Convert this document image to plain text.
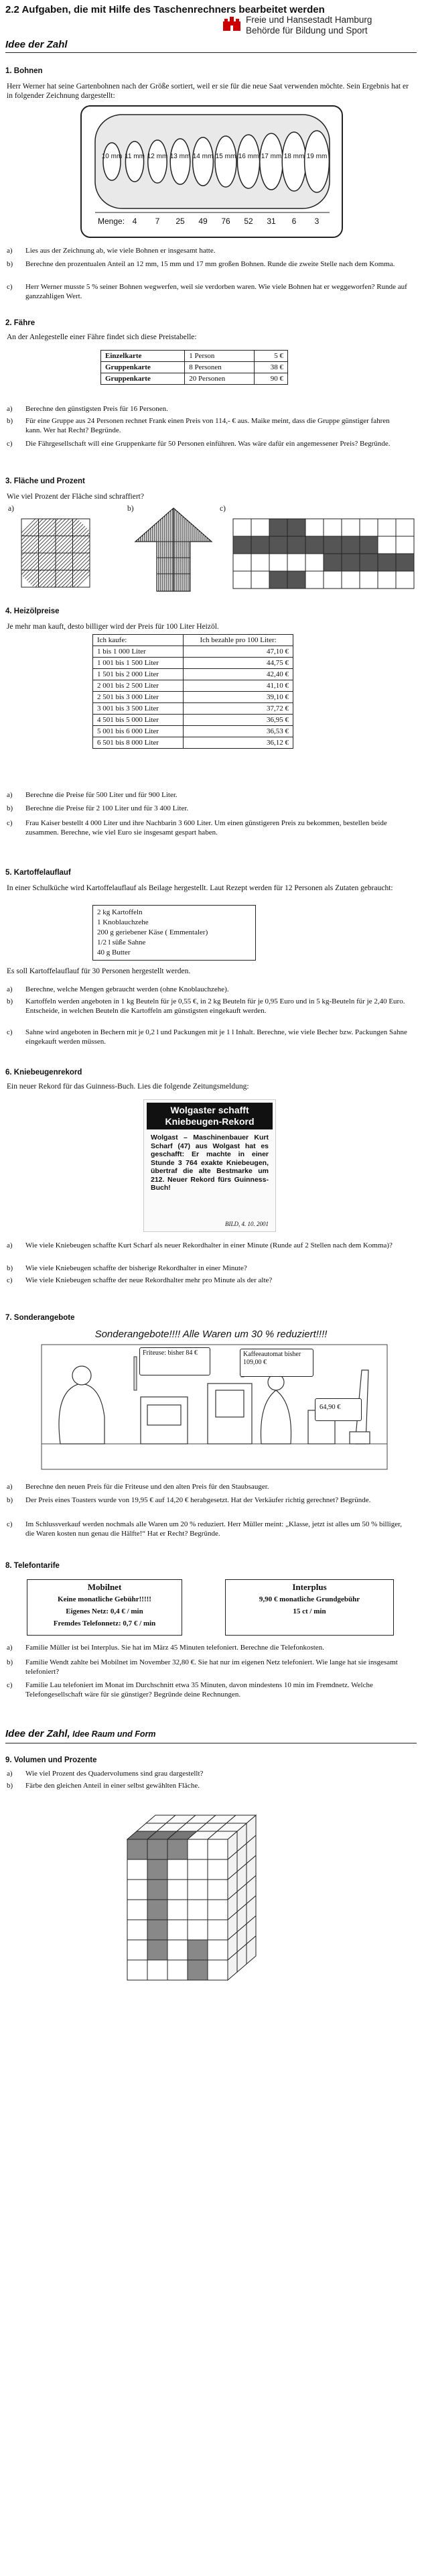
2.2 Aufgaben, die mit Hilfe des Taschenrechners bearbeitet werden
Freie und Hansestadt Hamburg
Behörde für Bildung und Sport
Idee der Zahl
1. Bohnen
Herr Werner hat seine Gartenbohnen nach der Größe sortiert, weil er sie für die neue Saat verwenden möchte. Sein Ergebnis hat er in folgender Zeichnung dargestellt:
10 mm 11 mm 12 mm 13 mm 14 mm 15 mm 16 mm 17 mm 18 mm 19 mm
Menge: 4	7	25	49	76	52	31	6	3
a) Lies aus der Zeichnung ab, wie viele Bohnen er insgesamt hatte.
b) Berechne den prozentualen Anteil an 12 mm, 15 mm und 17 mm großen Bohnen. Runde die zweite Stelle nach dem Komma.
c) Herr Werner musste 5 % seiner Bohnen wegwerfen, weil sie verdorben waren. Wie viele Bohnen hat er weggeworfen? Runde auf ganzzahligen Wert.
2. Fähre
An der Anlegestelle einer Fähre findet sich diese Preistabelle:
Einzelkarte	1 Person	5 €
Gruppenkarte	8 Personen	38 €
Gruppenkarte	20 Personen	90 €
a) Berechne den günstigsten Preis für 16 Personen.
b) Für eine Gruppe aus 24 Personen rechnet Frank einen Preis von 114,- € aus. Maike meint, dass die Gruppe günstiger fahren kann. Wer hat Recht? Begründe.
c) Die Fährgesellschaft will eine Gruppenkarte für 50 Personen einführen. Was wäre dafür ein angemessener Preis? Begründe.
3. Fläche und Prozent
Wie viel Prozent der Fläche sind schraffiert?
a)	b)	c)
4. Heizölpreise
Je mehr man kauft, desto billiger wird der Preis für 100 Liter Heizöl.
Ich kaufe:	Ich bezahle pro 100 Liter:
1 bis 1 000 Liter	47,10 €
1 001 bis 1 500 Liter	44,75 €
1 501 bis 2 000 Liter	42,40 €
2 001 bis 2 500 Liter	41,10 €
2 501 bis 3 000 Liter	39,10 €
3 001 bis 3 500 Liter	37,72 €
4 501 bis 5 000 Liter	36,95 €
5 001 bis 6 000 Liter	36,53 €
6 501 bis 8 000 Liter	36,12 €
a) Berechne die Preise für 500 Liter und für 900 Liter.
b) Berechne die Preise für 2 100 Liter und für 3 400 Liter.
c) Frau Kaiser bestellt 4 000 Liter und ihre Nachbarin 3 600 Liter. Um einen günstigeren Preis zu bekommen, bestellen beide zusammen. Berechne, wie viel Euro sie insgesamt gespart haben.
5. Kartoffelauflauf
In einer Schulküche wird Kartoffelauflauf als Beilage hergestellt. Laut Rezept werden für 12 Personen als Zutaten gebraucht:
2 kg Kartoffeln
1 Knoblauchzehe
200 g geriebener Käse ( Emmentaler)
1/2 l süße Sahne
40 g Butter
Es soll Kartoffelauflauf für 30 Personen hergestellt werden.
a) Berechne, welche Mengen gebraucht werden (ohne Knoblauchzehe).
b) Kartoffeln werden angeboten in 1 kg Beuteln für je 0,55 €, in 2 kg Beuteln für je 0,95 Euro und in 5 kg-Beuteln für je 2,40 Euro. Entscheide, in welchen Beuteln die Kartoffeln am günstigsten eingekauft werden.
c) Sahne wird angeboten in Bechern mit je 0,2 l und Packungen mit je 1 l Inhalt. Berechne, wie viele Becher bzw. Packungen Sahne eingekauft werden müssen.
6. Kniebeugenrekord
Ein neuer Rekord für das Guinness-Buch. Lies die folgende Zeitungsmeldung:
Wolgaster schafft
Kniebeugen-Rekord
Wolgast – Maschinenbauer Kurt Scharf (47) aus Wolgast hat es geschafft: Er machte in einer Stunde 3 764 exakte Kniebeugen, übertraf die alte Bestmarke um 212. Neuer Rekord fürs Guinness-Buch!
BILD, 4. 10. 2001
a) Wie viele Kniebeugen schaffte Kurt Scharf als neuer Rekordhalter in einer Minute (Runde auf 2 Stellen nach dem Komma)?
b) Wie viele Kniebeugen schaffte der bisherige Rekordhalter in einer Minute?
c) Wie viele Kniebeugen schaffte der neue Rekordhalter mehr pro Minute als der alte?
7. Sonderangebote
Sonderangebote!!!! Alle Waren um 30 % reduziert!!!!
Friteuse: bisher 84 €	Kaffeeautomat bisher 109,00 €
64,90 €
a) Berechne den neuen Preis für die Friteuse und den alten Preis für den Staubsauger.
b) Der Preis eines Toasters wurde von 19,95 € auf 14,20 € herabgesetzt. Hat der Verkäufer richtig gerechnet? Begründe.
c) Im Schlussverkauf werden nochmals alle Waren um 20 % reduziert. Herr Müller meint: „Klasse, jetzt ist alles um 50 % billiger, die Waren kosten nun genau die Hälfte!“ Hat er Recht? Begründe.
8. Telefontarife
Mobilnet
Keine monatliche Gebühr!!!!!
Eigenes Netz: 0,4 € / min
Fremdes Telefonnetz: 0,7 € / min
Interplus
9,90 € monatliche Grundgebühr
15 ct / min
a) Familie Müller ist bei Interplus. Sie hat im März 45 Minuten telefoniert. Berechne die Telefonkosten.
b) Familie Wendt zahlte bei Mobilnet im November 32,80 €. Sie hat nur im eigenen Netz telefoniert. Wie lange hat sie insgesamt telefoniert?
c) Familie Lau telefoniert im Monat im Durchschnitt etwa 35 Minuten, davon mindestens 10 min im Fremdnetz. Welche Telefongesellschaft wäre für sie günstiger? Begründe deine Rechnungen.
Idee der Zahl, Idee Raum und Form
9. Volumen und Prozente
a) Wie viel Prozent des Quadervolumens sind grau dargestellt?
b) Färbe den gleichen Anteil in einer selbst gewählten Fläche.
